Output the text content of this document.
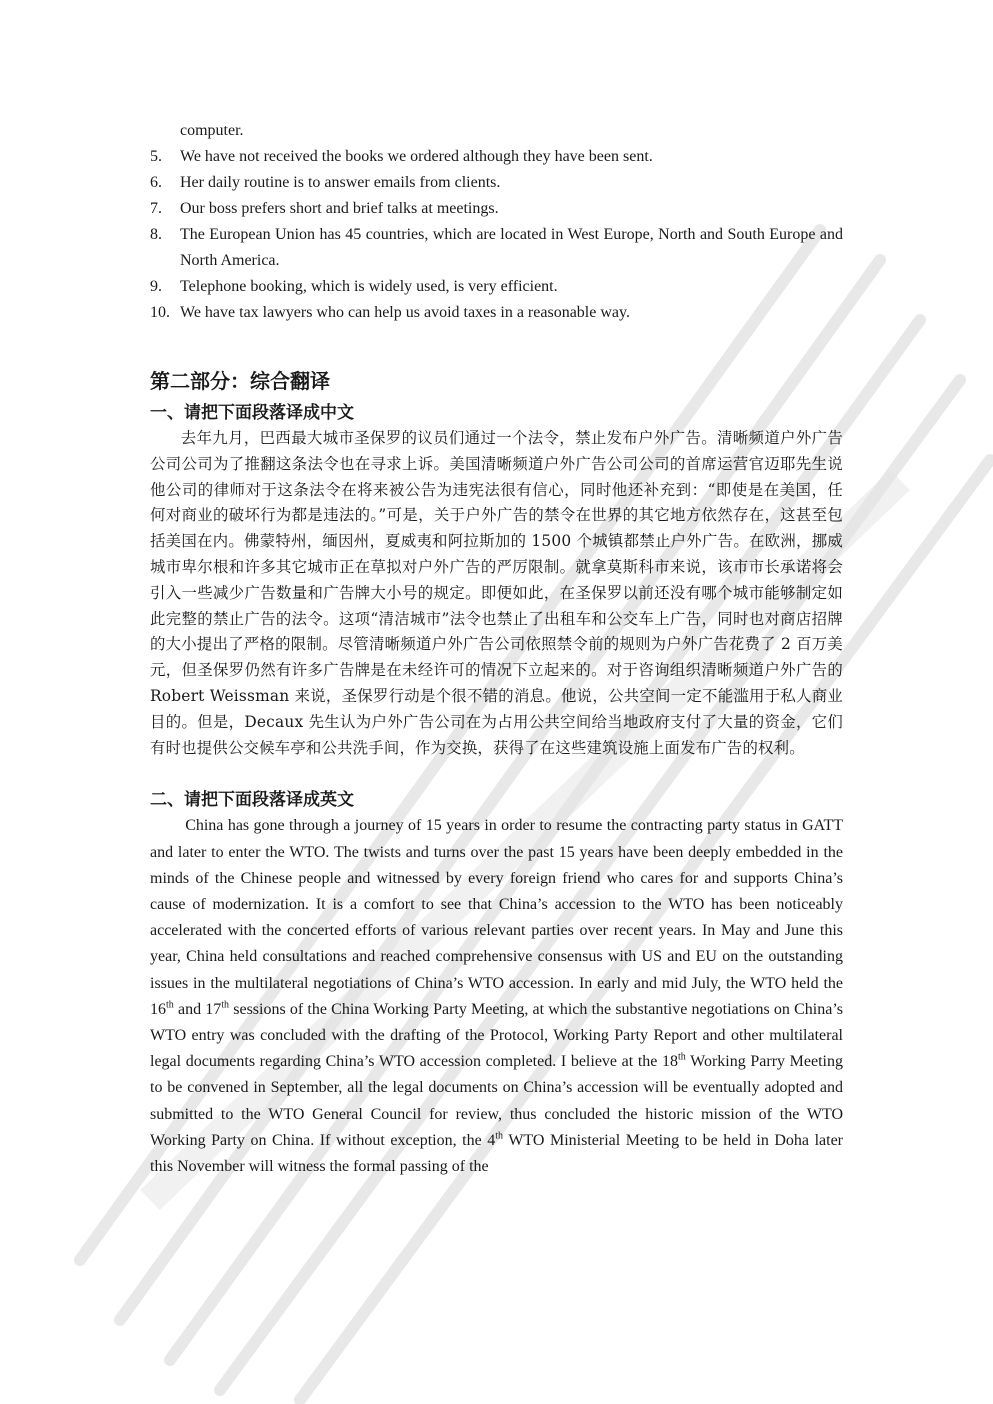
computer.
5. We have not received the books we ordered although they have been sent.
6. Her daily routine is to answer emails from clients.
7. Our boss prefers short and brief talks at meetings.
8. The European Union has 45 countries, which are located in West Europe, North and South Europe and North America.
9. Telephone booking, which is widely used, is very efficient.
10. We have tax lawyers who can help us avoid taxes in a reasonable way.
第二部分：综合翻译
一、请把下面段落译成中文

去年九月，巴西最大城市圣保罗的议员们通过一个法令，禁止发布户外广告。清晰频道户外广告公司公司为了推翻这条法令也在寻求上诉。美国清晰频道户外广告公司公司的首席运营官迈耶先生说他公司的律师对于这条法令在将来被公告为违宪法很有信心，同时他还补充到：“即使是在美国，任何对商业的破坏行为都是违法的。”可是，关于户外广告的禁令在世界的其它地方依然存在，这甚至包括美国在内。佛蒙特州，缅因州，夏威夷和阿拉斯加的 1500 个城镇都禁止户外广告。在欧洲，挪威城市卑尔根和许多其它城市正在草拟对户外广告的严厉限制。就拿莫斯科市来说，该市市长承诺将会引入一些减少广告数量和广告牌大小号的规定。即便如此，在圣保罗以前还没有哪个城市能够制定如此完整的禁止广告的法令。这项“清洁城市”法令也禁止了出租车和公交车上广告，同时也对商店招牌的大小提出了严格的限制。尽管清晰频道户外广告公司依照禁令前的规则为户外广告花费了 2 百万美元，但圣保罗仍然有许多广告牌是在未经许可的情况下立起来的。对于咨询组织清晰频道户外广告的 Robert Weissman 来说，圣保罗行动是个很不错的消息。他说，公共空间一定不能滥用于私人商业目的。但是，Decaux 先生认为户外广告公司在为占用公共空间给当地政府支付了大量的资金，它们有时也提供公交候车亭和公共洗手间，作为交换，获得了在这些建筑设施上面发布广告的权利。

二、请把下面段落译成英文

China has gone through a journey of 15 years in order to resume the contracting party status in GATT and later to enter the WTO. The twists and turns over the past 15 years have been deeply embedded in the minds of the Chinese people and witnessed by every foreign friend who cares for and supports China’s cause of modernization. It is a comfort to see that China’s accession to the WTO has been noticeably accelerated with the concerted efforts of various relevant parties over recent years. In May and June this year, China held consultations and reached comprehensive consensus with US and EU on the outstanding issues in the multilateral negotiations of China’s WTO accession. In early and mid July, the WTO held the 16th and 17th sessions of the China Working Party Meeting, at which the substantive negotiations on China’s WTO entry was concluded with the drafting of the Protocol, Working Party Report and other multilateral legal documents regarding China’s WTO accession completed. I believe at the 18th Working Parry Meeting to be convened in September, all the legal documents on China’s accession will be eventually adopted and submitted to the WTO General Council for review, thus concluded the historic mission of the WTO Working Party on China. If without exception, the 4th WTO Ministerial Meeting to be held in Doha later this November will witness the formal passing of the
